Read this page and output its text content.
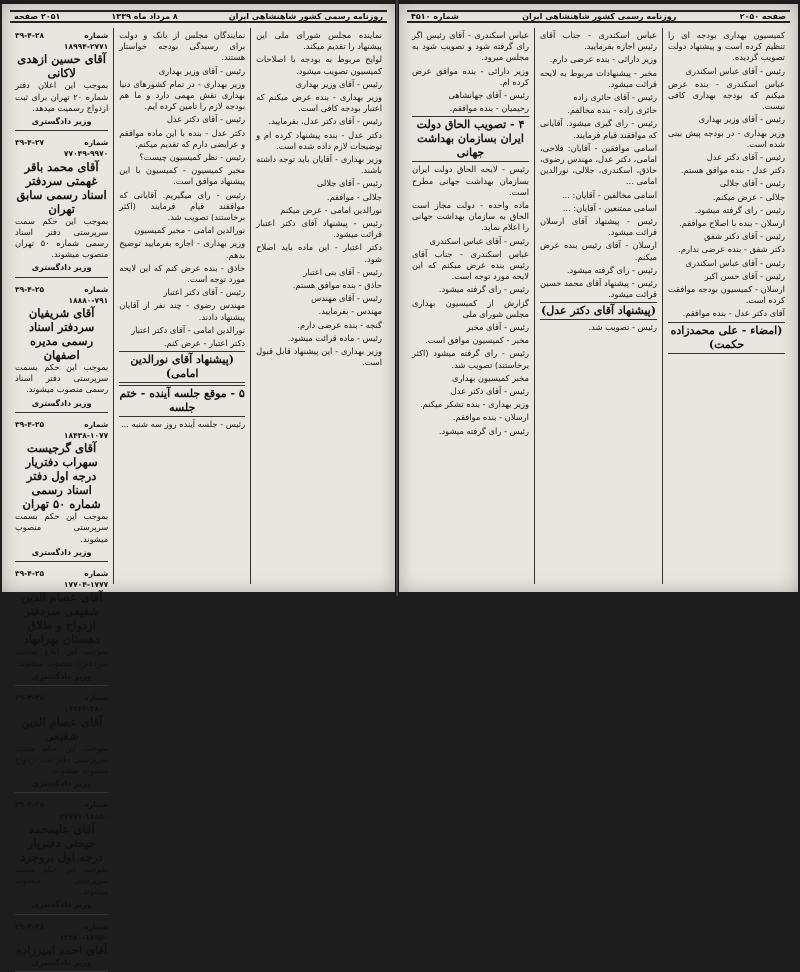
روزنامه رسمی کشور شاهنشاهی ایران
۸ مرداد ماه ۱۳۳۹
۲۰۵۱ صفحه

نماینده مجلس شورای ملی این پیشنهاد را تقدیم میکند.

لوایح مربوط به بودجه با اصلاحات کمیسیون تصویب میشود.

رئیس - آقای وزیر بهداری

وزیر بهداری - بنده عرض میکنم که اعتبار بودجه کافی است.

رئیس - آقای دکتر عدل، بفرمایید.

دکتر عدل - بنده پیشنهاد کرده ام و توضیحات لازم داده شده است.

وزیر بهداری - آقایان باید توجه داشته باشند.

رئیس - آقای جلالی

جلالی - موافقم.

نورالدین امامی - عرض میکنم

رئیس - پیشنهاد آقای دکتر اعتبار قرائت میشود.

دکتر اعتبار - این ماده باید اصلاح شود.

رئیس - آقای بنی اعتبار

حاذق - بنده موافق هستم.

رئیس - آقای مهندس

مهندس - بفرمایید.

گنجه - بنده عرضی دارم.

رئیس - ماده قرائت میشود.

وزیر بهداری - این پیشنهاد قابل قبول است.

نمایندگان مجلس از بانک و دولت برای رسیدگی بودجه خواستار هستند.

رئیس - آقای وزیر بهداری

وزیر بهداری - در تمام کشورهای دنیا بهداری نقش مهمی دارد و ما هم بودجه لازم را تامین کرده ایم.

رئیس - آقای دکتر عدل

دکتر عدل - بنده با این ماده موافقم و عرایضی دارم که تقدیم میکنم.

رئیس - نظر کمیسیون چیست؟

مخبر کمیسیون - کمیسیون با این پیشنهاد موافق است.

رئیس - رای میگیریم. آقایانی که موافقند قیام فرمایند (اکثر برخاستند) تصویب شد.

نورالدین امامی - مخبر کمیسیون

وزیر بهداری - اجازه بفرمایید توضیح بدهم.

حاذق - بنده عرض کنم که این لایحه مورد توجه است.

رئیس - آقای دکتر اعتبار

مهندس رضوی - چند نفر از آقایان پیشنهاد دادند.

نورالدین امامی - آقای دکتر اعتبار

دکتر اعتبار - عرض کنم.

(پیشنهاد آقای نورالدین امامی)

۵ - موقع جلسه آینده - ختم جلسه

رئیس - جلسه آینده روز سه شنبه ...

شماره ۲۷۷۱-۱۸۹۹۴
۳۹-۴-۲۸
آقای حسین ازهدی لاکانی

بموجب این اعلان دفتر شماره ۲۰ تهران برای ثبت ازدواج رسمیت میدهد.

وزیر دادگستری
شماره ۹۹۷۰-۷۷۰۴۹
۳۹-۴-۲۷
آقای محمد باقر غهمتی سردفتر اسناد رسمی سابق تهران

بموجب این حکم سمت سرپرستی دفتر اسناد رسمی شماره ۵۰ تهران منصوب میشوند.

وزیر دادگستری
شماره ۷۹۱-۱۸۸۸۰
۳۹-۴-۲۵
آقای شریفیان سردفتر اسناد رسمی مدیره اصفهان

بموجب این حکم بسمت سرپرستی دفتر اسناد رسمی منصوب میشوند.

وزیر دادگستری
شماره ۱۰۷۷-۱۸۴۳۸
۳۹-۴-۲۵
آقای گرجیست سهراب دفتریار درجه اول دفتر اسناد رسمی شماره ۵۰ تهران

بموجب این حکم بسمت سرپرستی منصوب میشوند.

وزیر دادگستری
شماره ۱۷۷۷-۱۷۷۰۴
۳۹-۴-۲۵
آقای عصام الدین شفیعی سردفتر ازدواج و طلاق دهستان بهرابهاد

بموجب این ابلاغ بسمت سردفتری منصوب میشوند.

وزیر دادگستری
شماره ۲۸۰۰-۱۷۷۶۴
۳۹-۴-۲۵
آقای عصام الدین شفیعی

بموجب این حکم سمت سرپرستی دفتر ثبت ازدواج منصوب میشوند.

وزیر دادگستری
شماره ۱۸۸۵۰-۲۷۷۷۱
۳۹-۴-۲۸
آقای علیمحمد حیحتی دفتریار درجه اول بروجرد

بموجب این حکم سمت سرپرستی منصوب میشوند.

وزیر دادگستری
شماره ۱۸۹۵۰-۱۳۴۸۰
۳۹-۴-۲۸
آقای احمد امیرزاده
وزیر دادگستری
صفحه ۲۰۵۰
روزنامه رسمی کشور شاهنشاهی ایران
شماره ۴۵۱۰

کمیسیون بهداری بودجه ای را تنظیم کرده است و پیشنهاد دولت تصویب گردیده.

رئیس - آقای عباس اسکندری

عباس اسکندری - بنده عرض میکنم که بودجه بهداری کافی نیست.

رئیس - آقای وزیر بهداری

وزیر بهداری - در بودجه پیش بینی شده است.

رئیس - آقای دکتر عدل

دکتر عدل - بنده موافق هستم.

رئیس - آقای جلالی

جلالی - عرض میکنم.

رئیس - رای گرفته میشود.

ارسلان - بنده با اصلاح موافقم.

رئیس - آقای دکتر شفق

دکتر شفق - بنده عرضی ندارم.

رئیس - آقای عباس اسکندری

رئیس - آقای حسن اکبر

ارسلان - کمیسیون بودجه موافقت کرده است.

آقای دکتر عدل - بنده موافقم.

(امضاء - علی محمدزاده حکمت)

عباس اسکندری - جناب آقای رئیس اجازه بفرمایید.

وزیر دارائی - بنده عرضی دارم.

مخبر - پیشنهادات مربوط به لایحه قرائت میشود.

رئیس - آقای حائری زاده

حائری زاده - بنده مخالفم.

رئیس - رای گیری میشود. آقایانی که موافقند قیام فرمایند.

اسامی موافقین - آقایان: فلاحی، امامی، دکتر عدل، مهندس رضوی، حاذق، اسکندری، جلالی، نورالدین امامی ...

اسامی مخالفین - آقایان: ...

اسامی ممتنعین - آقایان: ...

رئیس - پیشنهاد آقای ارسلان قرائت میشود.

ارسلان - آقای رئیس بنده عرض میکنم.

رئیس - رای گرفته میشود.

رئیس - پیشنهاد آقای محمد حسین قرائت میشود.

(پیشنهاد آقای دکتر عدل)

رئیس - تصویب شد.

عباس اسکندری - آقای رئیس اگر رای گرفته شود و تصویب شود به مجلس میرود.

وزیر دارائی - بنده موافق عرض کرده ام.

رئیس - آقای جهانشاهی

رحیمیان - بنده موافقم.

۴ - تصویب الحاق دولت ایران بسازمان بهداشت جهانی

رئیس - لایحه الحاق دولت ایران بسازمان بهداشت جهانی مطرح است.

ماده واحده - دولت مجاز است الحاق به سازمان بهداشت جهانی را اعلام نماید.

رئیس - آقای عباس اسکندری

عباس اسکندری - جناب آقای رئیس بنده عرض میکنم که این لایحه مورد توجه است.

رئیس - رای گرفته میشود.

گزارش از کمیسیون بهداری مجلس شورای ملی

رئیس - آقای مخبر

مخبر - کمیسیون موافق است.

رئیس - رای گرفته میشود (اکثر برخاستند) تصویب شد.

مخبر کمیسیون بهداری

رئیس - آقای دکتر عدل

وزیر بهداری - بنده تشکر میکنم.

ارسلان - بنده موافقم.

رئیس - رای گرفته میشود.
